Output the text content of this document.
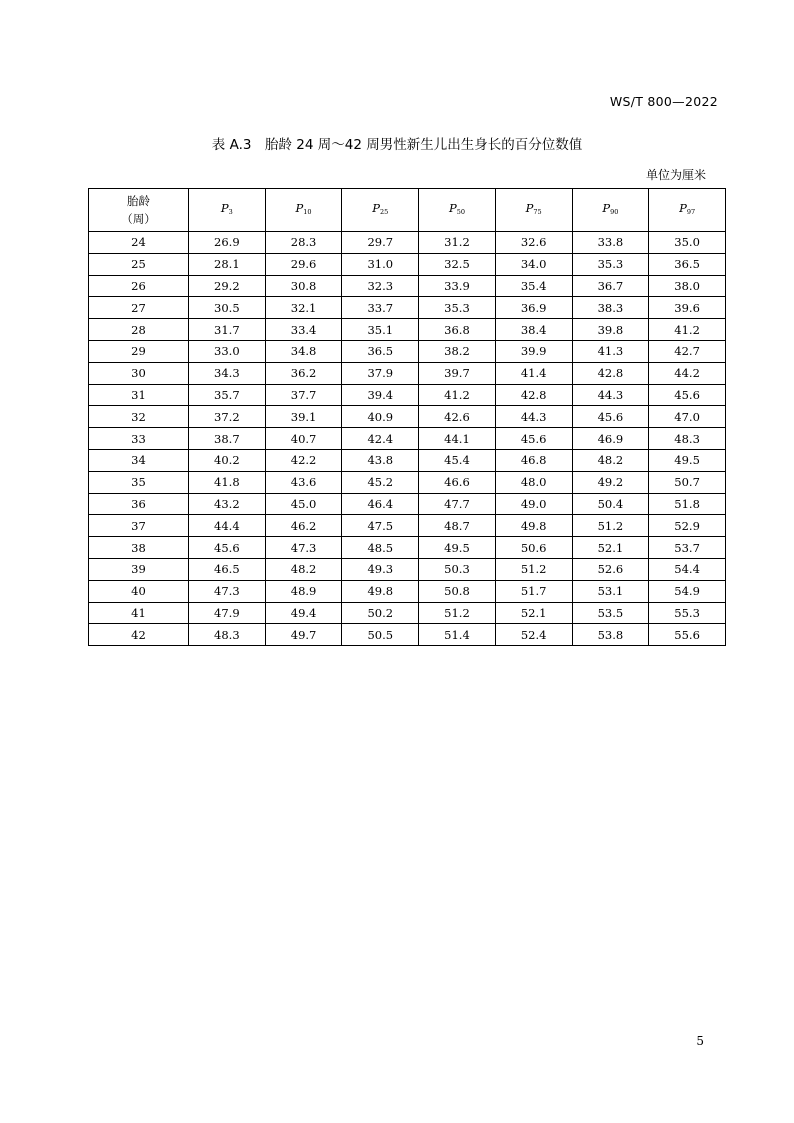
WS/T 800—2022
表 A.3　胎龄 24 周～42 周男性新生儿出生身长的百分位数值
单位为厘米
胎龄
（周）	$P_3$	$P_{10}$	$P_{25}$	$P_{50}$	$P_{75}$	$P_{90}$	$P_{97}$
24	26.9	28.3	29.7	31.2	32.6	33.8	35.0
25	28.1	29.6	31.0	32.5	34.0	35.3	36.5
26	29.2	30.8	32.3	33.9	35.4	36.7	38.0
27	30.5	32.1	33.7	35.3	36.9	38.3	39.6
28	31.7	33.4	35.1	36.8	38.4	39.8	41.2
29	33.0	34.8	36.5	38.2	39.9	41.3	42.7
30	34.3	36.2	37.9	39.7	41.4	42.8	44.2
31	35.7	37.7	39.4	41.2	42.8	44.3	45.6
32	37.2	39.1	40.9	42.6	44.3	45.6	47.0
33	38.7	40.7	42.4	44.1	45.6	46.9	48.3
34	40.2	42.2	43.8	45.4	46.8	48.2	49.5
35	41.8	43.6	45.2	46.6	48.0	49.2	50.7
36	43.2	45.0	46.4	47.7	49.0	50.4	51.8
37	44.4	46.2	47.5	48.7	49.8	51.2	52.9
38	45.6	47.3	48.5	49.5	50.6	52.1	53.7
39	46.5	48.2	49.3	50.3	51.2	52.6	54.4
40	47.3	48.9	49.8	50.8	51.7	53.1	54.9
41	47.9	49.4	50.2	51.2	52.1	53.5	55.3
42	48.3	49.7	50.5	51.4	52.4	53.8	55.6
5
